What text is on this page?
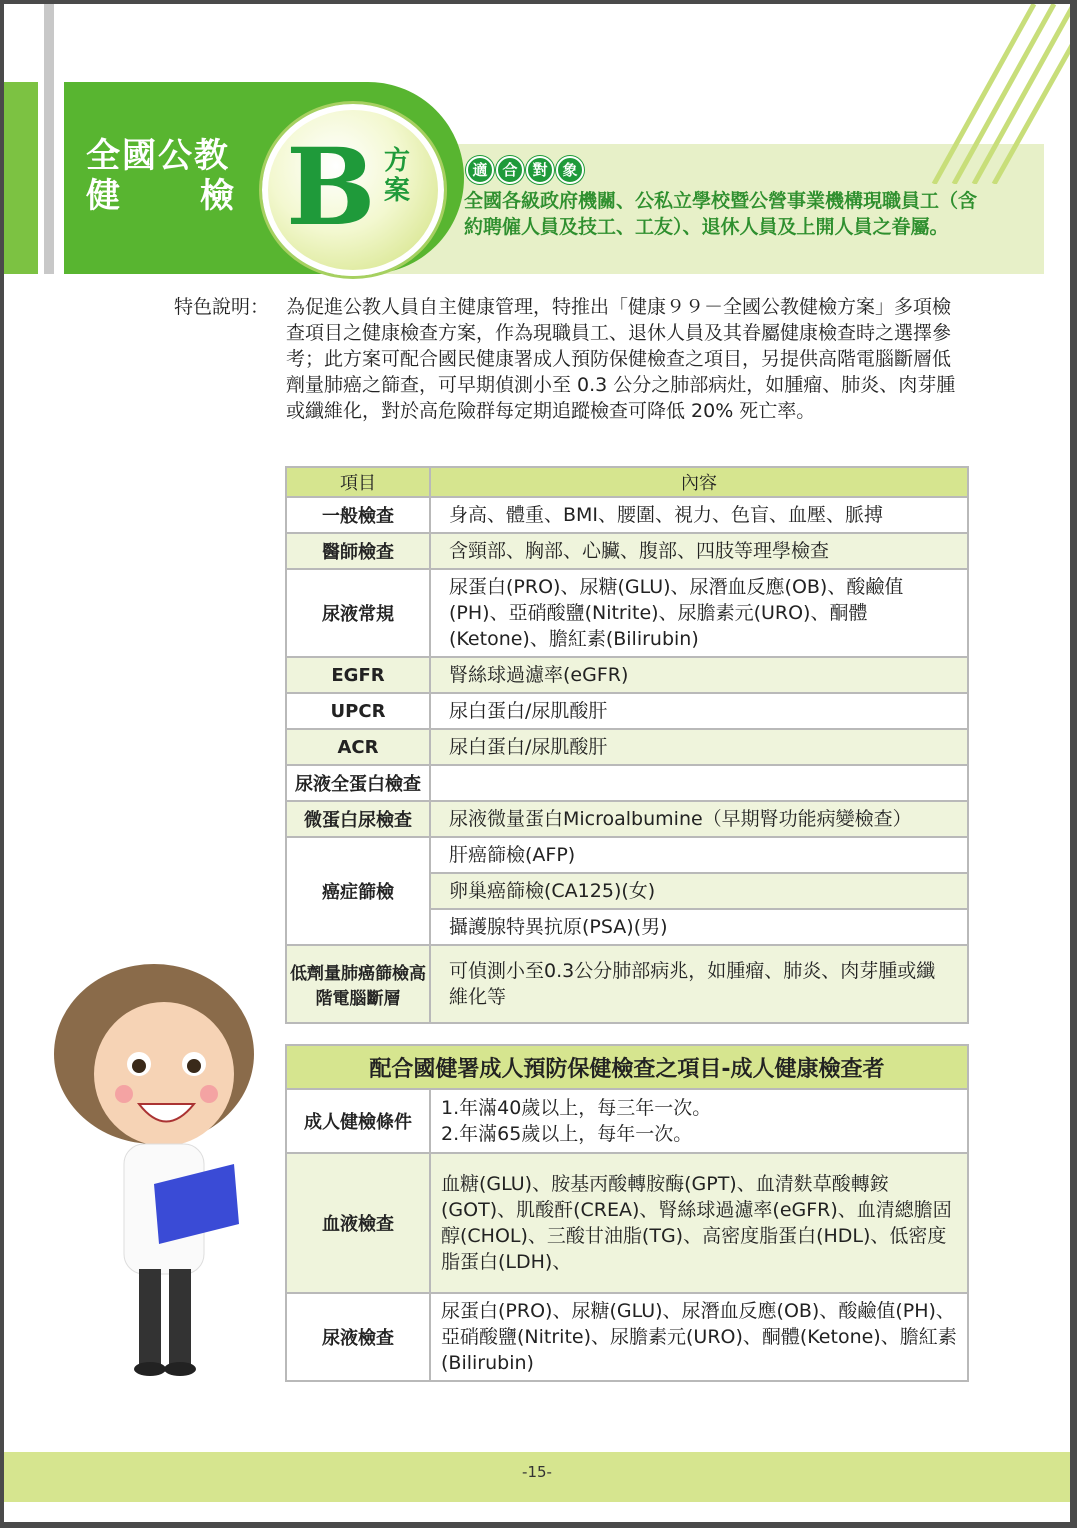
全國公教
健 檢 B 方案
適 合 對 象
全國各級政府機關、公私立學校暨公營事業機構現職員工（含約聘僱人員及技工、工友）、退休人員及上開人員之眷屬。
特色說明： 為促進公教人員自主健康管理，特推出「健康９９－全國公教健檢方案」多項檢查項目之健康檢查方案，作為現職員工、退休人員及其眷屬健康檢查時之選擇參考；此方案可配合國民健康署成人預防保健檢查之項目，另提供高階電腦斷層低劑量肺癌之篩查，可早期偵測小至 0.3 公分之肺部病灶，如腫瘤、肺炎、肉芽腫或纖維化，對於高危險群每定期追蹤檢查可降低 20% 死亡率。
項目	內容
一般檢查	身高、體重、BMI、腰圍、視力、色盲、血壓、脈搏
醫師檢查	含頸部、胸部、心臟、腹部、四肢等理學檢查
尿液常規	尿蛋白(PRO)、尿糖(GLU)、尿潛血反應(OB)、酸鹼值(PH)、亞硝酸鹽(Nitrite)、尿膽素元(URO)、酮體(Ketone)、膽紅素(Bilirubin)
EGFR	腎絲球過濾率(eGFR)
UPCR	尿白蛋白/尿肌酸肝
ACR	尿白蛋白/尿肌酸肝
尿液全蛋白檢查	
微蛋白尿檢查	尿液微量蛋白Microalbumine（早期腎功能病變檢查）
癌症篩檢	肝癌篩檢(AFP)
	卵巢癌篩檢(CA125)(女)
	攝護腺特異抗原(PSA)(男)
低劑量肺癌篩檢高階電腦斷層	可偵測小至0.3公分肺部病兆，如腫瘤、肺炎、肉芽腫或纖維化等
配合國健署成人預防保健檢查之項目-成人健康檢查者	
成人健檢條件	1.年滿40歲以上，每三年一次。
2.年滿65歲以上，每年一次。
血液檢查	血糖(GLU)、胺基丙酸轉胺酶(GPT)、血清麩草酸轉銨(GOT)、肌酸酐(CREA)、腎絲球過濾率(eGFR)、血清總膽固醇(CHOL)、三酸甘油脂(TG)、高密度脂蛋白(HDL)、低密度脂蛋白(LDH)、
尿液檢查	尿蛋白(PRO)、尿糖(GLU)、尿潛血反應(OB)、酸鹼值(PH)、亞硝酸鹽(Nitrite)、尿膽素元(URO)、酮體(Ketone)、膽紅素(Bilirubin)
-15-
